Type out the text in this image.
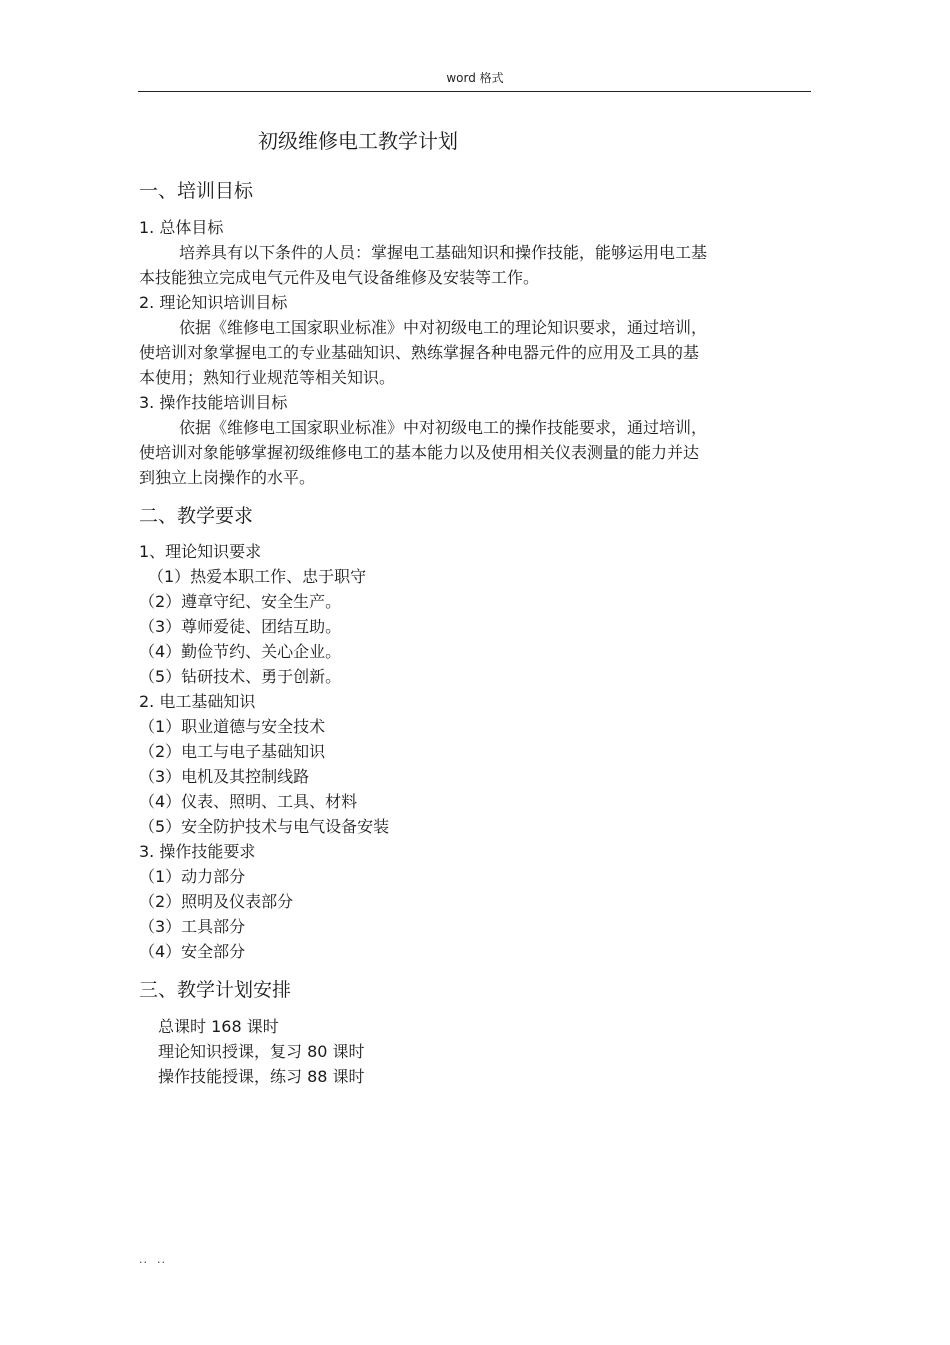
word 格式
初级维修电工教学计划
一、培训目标
1. 总体目标
培养具有以下条件的人员：掌握电工基础知识和操作技能，能够运用电工基
本技能独立完成电气元件及电气设备维修及安装等工作。
2. 理论知识培训目标
依据《维修电工国家职业标准》中对初级电工的理论知识要求，通过培训，
使培训对象掌握电工的专业基础知识、熟练掌握各种电器元件的应用及工具的基
本使用；熟知行业规范等相关知识。
3. 操作技能培训目标
依据《维修电工国家职业标准》中对初级电工的操作技能要求，通过培训，
使培训对象能够掌握初级维修电工的基本能力以及使用相关仪表测量的能力并达
到独立上岗操作的水平。
二、教学要求
1、理论知识要求
（1）热爱本职工作、忠于职守
（2）遵章守纪、安全生产。
（3）尊师爱徒、团结互助。
（4）勤俭节约、关心企业。
（5）钻研技术、勇于创新。
2. 电工基础知识
（1）职业道德与安全技术
（2）电工与电子基础知识
（3）电机及其控制线路
（4）仪表、照明、工具、材料
（5）安全防护技术与电气设备安装
3. 操作技能要求
（1）动力部分
（2）照明及仪表部分
（3）工具部分
（4）安全部分
三、教学计划安排
总课时 168 课时
理论知识授课，复习 80 课时
操作技能授课，练习 88 课时
..  ..
